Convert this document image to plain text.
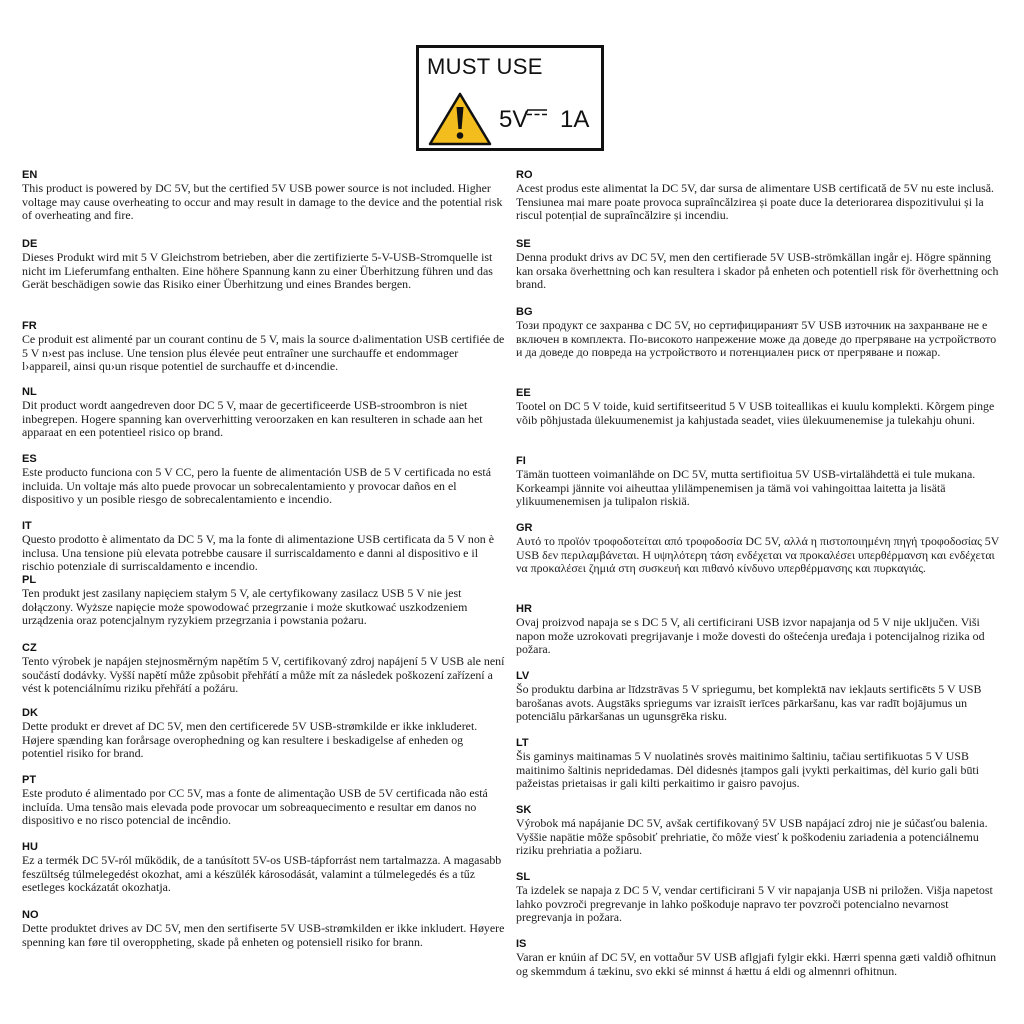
MUST USE
5V 1A
EN
This product is powered by DC 5V, but the certified 5V USB power source is not included. Higher voltage may cause overheating to occur and may result in damage to the device and the potential risk of overheating and fire.
DE
Dieses Produkt wird mit 5 V Gleichstrom betrieben, aber die zertifizierte 5-V-USB-Stromquelle ist nicht im Lieferumfang enthalten. Eine höhere Spannung kann zu einer Überhitzung führen und das Gerät beschädigen sowie das Risiko einer Überhitzung und eines Brandes bergen.
FR
Ce produit est alimenté par un courant continu de 5 V, mais la source d›alimentation USB certifiée de 5 V n›est pas incluse. Une tension plus élevée peut entraîner une surchauffe et endommager l›appareil, ainsi qu›un risque potentiel de surchauffe et d›incendie.
NL
Dit product wordt aangedreven door DC 5 V, maar de gecertificeerde USB-stroombron is niet inbegrepen. Hogere spanning kan oververhitting veroorzaken en kan resulteren in schade aan het apparaat en een potentieel risico op brand.
ES
Este producto funciona con 5 V CC, pero la fuente de alimentación USB de 5 V certificada no está incluida. Un voltaje más alto puede provocar un sobrecalentamiento y provocar daños en el dispositivo y un posible riesgo de sobrecalentamiento e incendio.
IT
Questo prodotto è alimentato da DC 5 V, ma la fonte di alimentazione USB certificata da 5 V non è inclusa. Una tensione più elevata potrebbe causare il surriscaldamento e danni al dispositivo e il rischio potenziale di surriscaldamento e incendio.
PL
Ten produkt jest zasilany napięciem stałym 5 V, ale certyfikowany zasilacz USB 5 V nie jest dołączony. Wyższe napięcie może spowodować przegrzanie i może skutkować uszkodzeniem urządzenia oraz potencjalnym ryzykiem przegrzania i powstania pożaru.
CZ
Tento výrobek je napájen stejnosměrným napětím 5 V, certifikovaný zdroj napájení 5 V USB ale není součástí dodávky. Vyšší napětí může způsobit přehřátí a může mít za následek poškození zařízení a vést k potenciálnímu riziku přehřátí a požáru.
DK
Dette produkt er drevet af DC 5V, men den certificerede 5V USB-strømkilde er ikke inkluderet. Højere spænding kan forårsage overophedning og kan resultere i beskadigelse af enheden og potentiel risiko for brand.
PT
Este produto é alimentado por CC 5V, mas a fonte de alimentação USB de 5V certificada não está incluída. Uma tensão mais elevada pode provocar um sobreaquecimento e resultar em danos no dispositivo e no risco potencial de incêndio.
HU
Ez a termék DC 5V-ról működik, de a tanúsított 5V-os USB-tápforrást nem tartalmazza. A magasabb feszültség túlmelegedést okozhat, ami a készülék károsodását, valamint a túlmelegedés és a tűz esetleges kockázatát okozhatja.
NO
Dette produktet drives av DC 5V, men den sertifiserte 5V USB-strømkilden er ikke inkludert. Høyere spenning kan føre til overoppheting, skade på enheten og potensiell risiko for brann.
RO
Acest produs este alimentat la DC 5V, dar sursa de alimentare USB certificată de 5V nu este inclusă. Tensiunea mai mare poate provoca supraîncălzirea și poate duce la deteriorarea dispozitivului și la riscul potențial de supraîncălzire și incendiu.
SE
Denna produkt drivs av DC 5V, men den certifierade 5V USB-strömkällan ingår ej. Högre spänning kan orsaka överhettning och kan resultera i skador på enheten och potentiell risk för överhettning och brand.
BG
Този продукт се захранва с DC 5V, но сертифицираният 5V USB източник на захранване не е включен в комплекта. По-високото напрежение може да доведе до прегряване на устройството и да доведе до повреда на устройството и потенциален риск от прегряване и пожар.
EE
Tootel on DC 5 V toide, kuid sertifitseeritud 5 V USB toiteallikas ei kuulu komplekti. Kõrgem pinge võib põhjustada ülekuumenemist ja kahjustada seadet, viies ülekuumenemise ja tulekahju ohuni.
FI
Tämän tuotteen voimanlähde on DC 5V, mutta sertifioitua 5V USB-virtalähdettä ei tule mukana. Korkeampi jännite voi aiheuttaa ylilämpenemisen ja tämä voi vahingoittaa laitetta ja lisätä ylikuumenemisen ja tulipalon riskiä.
GR
Αυτό το προϊόν τροφοδοτείται από τροφοδοσία DC 5V, αλλά η πιστοποιημένη πηγή τροφοδοσίας 5V USB δεν περιλαμβάνεται. Η υψηλότερη τάση ενδέχεται να προκαλέσει υπερθέρμανση και ενδέχεται να προκαλέσει ζημιά στη συσκευή και πιθανό κίνδυνο υπερθέρμανσης και πυρκαγιάς.
HR
Ovaj proizvod napaja se s DC 5 V, ali certificirani USB izvor napajanja od 5 V nije uključen. Viši napon može uzrokovati pregrijavanje i može dovesti do oštećenja uređaja i potencijalnog rizika od požara.
LV
Šo produktu darbina ar līdzstrāvas 5 V spriegumu, bet komplektā nav iekļauts sertificēts 5 V USB barošanas avots. Augstāks spriegums var izraisīt ierīces pārkaršanu, kas var radīt bojājumus un potenciālu pārkaršanas un ugunsgrēka risku.
LT
Šis gaminys maitinamas 5 V nuolatinės srovės maitinimo šaltiniu, tačiau sertifikuotas 5 V USB maitinimo šaltinis nepridedamas. Dėl didesnės įtampos gali įvykti perkaitimas, dėl kurio gali būti pažeistas prietaisas ir gali kilti perkaitimo ir gaisro pavojus.
SK
Výrobok má napájanie DC 5V, avšak certifikovaný 5V USB napájací zdroj nie je súčasťou balenia. Vyššie napätie môže spôsobiť prehriatie, čo môže viesť k poškodeniu zariadenia a potenciálnemu riziku prehriatia a požiaru.
SL
Ta izdelek se napaja z DC 5 V, vendar certificirani 5 V vir napajanja USB ni priložen. Višja napetost lahko povzroči pregrevanje in lahko poškoduje napravo ter povzroči potencialno nevarnost pregrevanja in požara.
IS
Varan er knúin af DC 5V, en vottaður 5V USB aflgjafi fylgir ekki. Hærri spenna gæti valdið ofhitnun og skemmdum á tækinu, svo ekki sé minnst á hættu á eldi og almennri ofhitnun.
